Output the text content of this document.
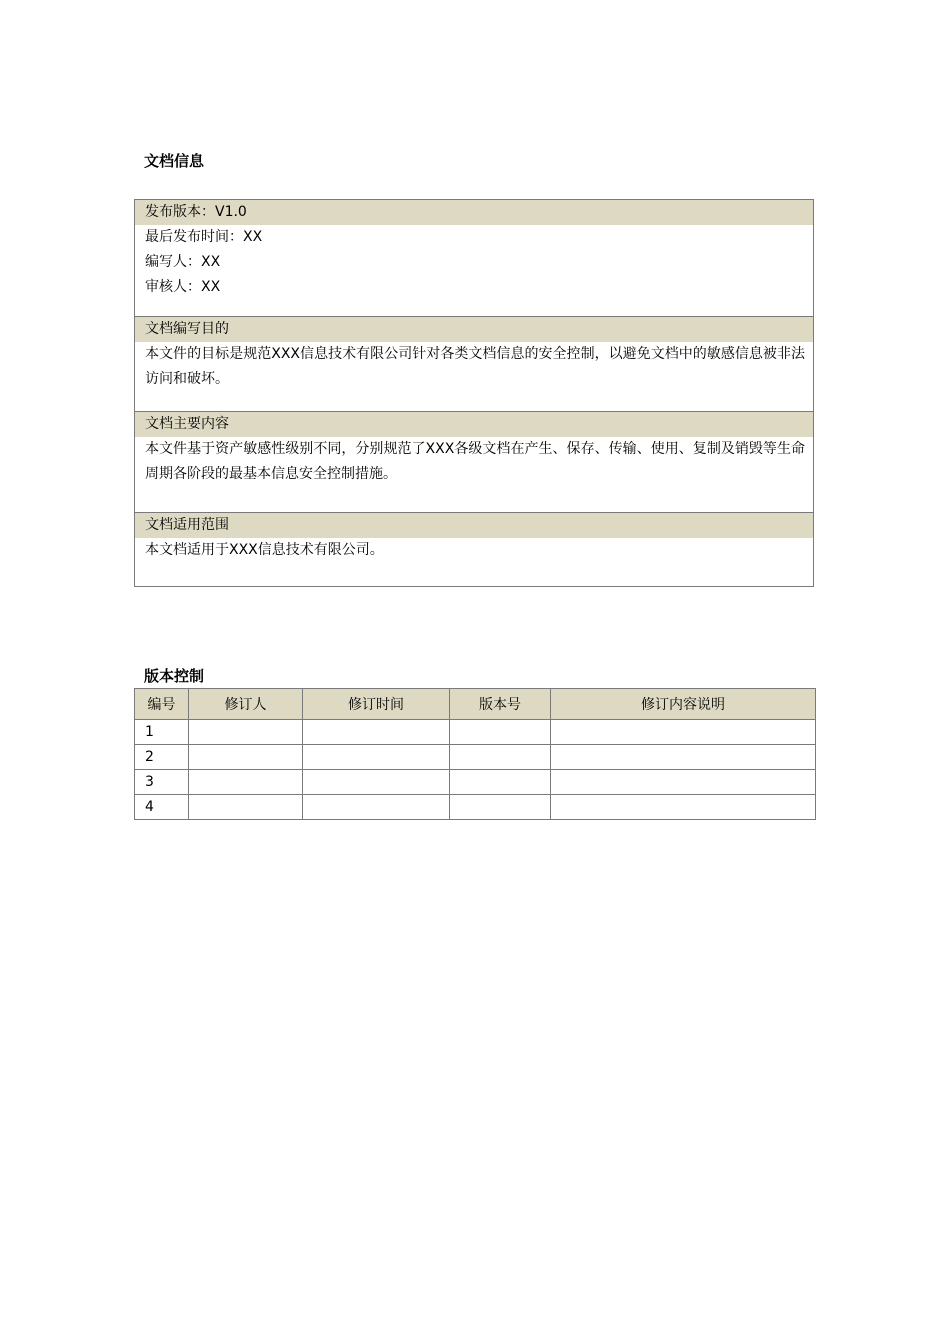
文档信息
发布版本：V1.0
最后发布时间：XX
编写人：XX
审核人：XX
文档编写目的
本文件的目标是规范XXX信息技术有限公司针对各类文档信息的安全控制，以避免文档中的敏感信息被非法访问和破坏。
文档主要内容
本文件基于资产敏感性级别不同，分别规范了XXX各级文档在产生、保存、传输、使用、复制及销毁等生命周期各阶段的最基本信息安全控制措施。
文档适用范围
本文档适用于XXX信息技术有限公司。
版本控制
编号	修订人	修订时间	版本号	修订内容说明
1				
2				
3				
4				
